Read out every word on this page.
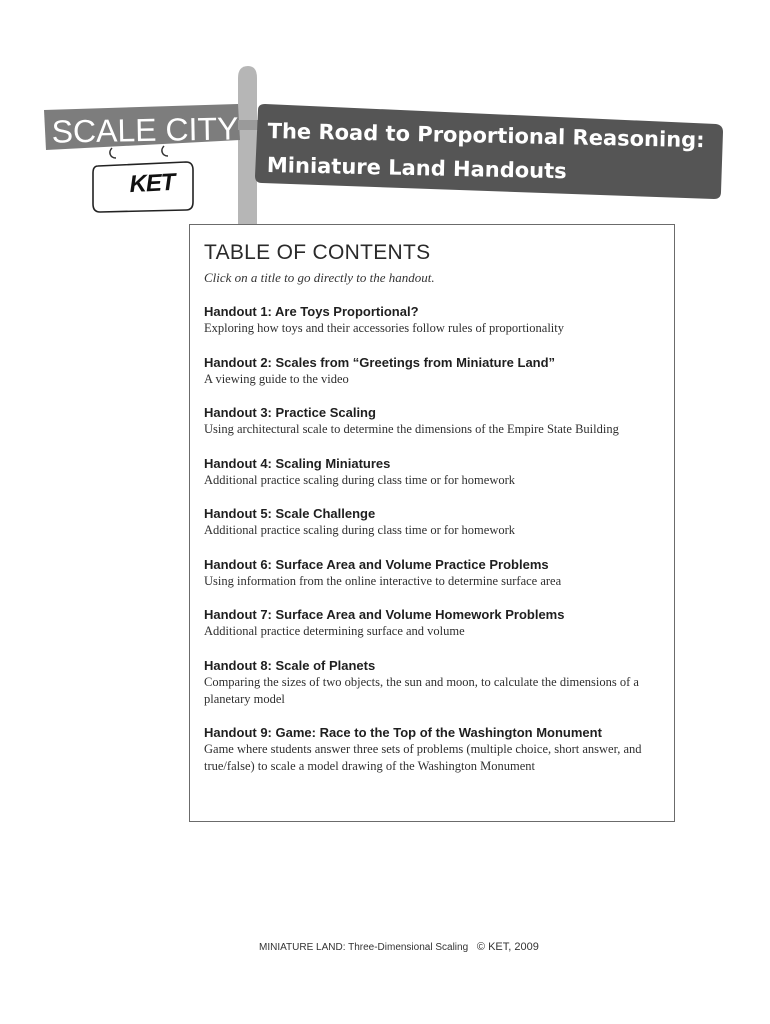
SCALE CITY
KET
The Road to Proportional Reasoning:
Miniature Land Handouts
TABLE OF CONTENTS
Click on a title to go directly to the handout.
Handout 1: Are Toys Proportional?
Exploring how toys and their accessories follow rules of proportionality
Handout 2: Scales from “Greetings from Miniature Land”
A viewing guide to the video
Handout 3: Practice Scaling
Using architectural scale to determine the dimensions of the Empire State Building
Handout 4: Scaling Miniatures
Additional practice scaling during class time or for homework
Handout 5: Scale Challenge
Additional practice scaling during class time or for homework
Handout 6: Surface Area and Volume Practice Problems
Using information from the online interactive to determine surface area
Handout 7: Surface Area and Volume Homework Problems
Additional practice determining surface and volume
Handout 8: Scale of Planets
Comparing the sizes of two objects, the sun and moon, to calculate the dimensions of a planetary model
Handout 9: Game: Race to the Top of the Washington Monument
Game where students answer three sets of problems (multiple choice, short answer, and true/false) to scale a model drawing of the Washington Monument
MINIATURE LAND: Three-Dimensional Scaling © KET, 2009
